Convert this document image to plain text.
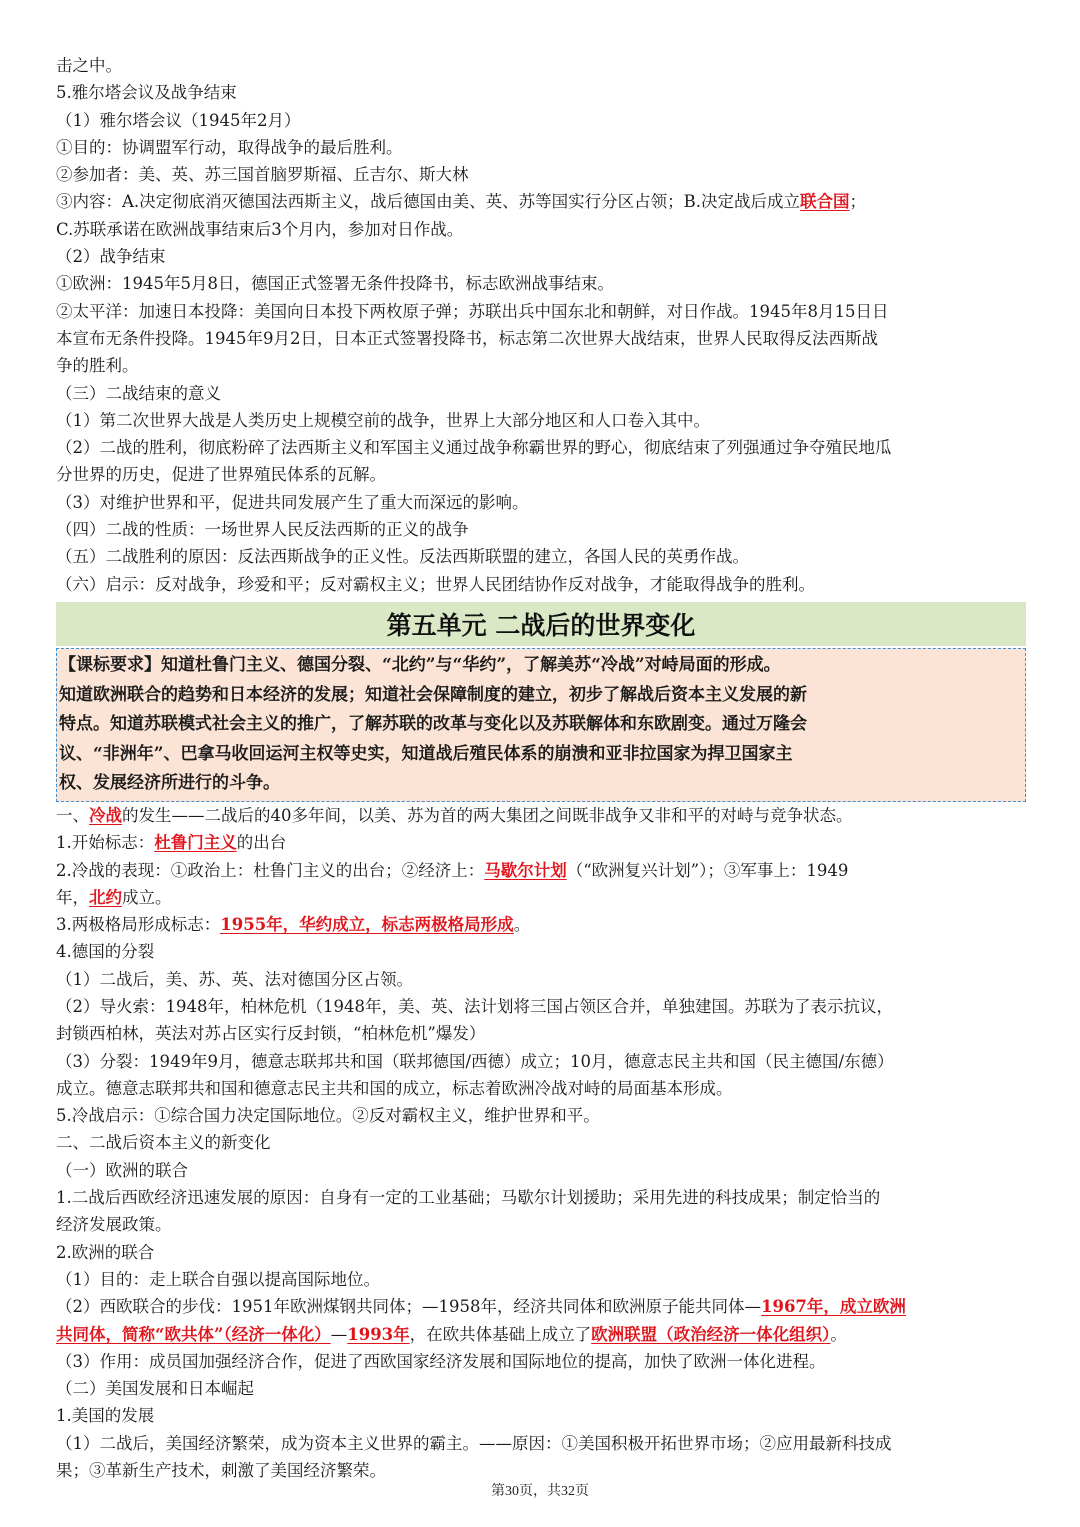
击之中。
5.雅尔塔会议及战争结束
（1）雅尔塔会议（1945年2月）
①目的：协调盟军行动，取得战争的最后胜利。
②参加者：美、英、苏三国首脑罗斯福、丘吉尔、斯大林
③内容：A.决定彻底消灭德国法西斯主义，战后德国由美、英、苏等国实行分区占领；B.决定战后成立联合国；
C.苏联承诺在欧洲战事结束后3个月内，参加对日作战。
（2）战争结束
①欧洲：1945年5月8日，德国正式签署无条件投降书，标志欧洲战事结束。
②太平洋：加速日本投降：美国向日本投下两枚原子弹；苏联出兵中国东北和朝鲜，对日作战。1945年8月15日日
本宣布无条件投降。1945年9月2日，日本正式签署投降书，标志第二次世界大战结束，世界人民取得反法西斯战
争的胜利。
（三）二战结束的意义
（1）第二次世界大战是人类历史上规模空前的战争，世界上大部分地区和人口卷入其中。
（2）二战的胜利，彻底粉碎了法西斯主义和军国主义通过战争称霸世界的野心，彻底结束了列强通过争夺殖民地瓜
分世界的历史，促进了世界殖民体系的瓦解。
（3）对维护世界和平，促进共同发展产生了重大而深远的影响。
（四）二战的性质：一场世界人民反法西斯的正义的战争
（五）二战胜利的原因：反法西斯战争的正义性。反法西斯联盟的建立，各国人民的英勇作战。
（六）启示：反对战争，珍爱和平；反对霸权主义；世界人民团结协作反对战争，才能取得战争的胜利。
第五单元 二战后的世界变化
【课标要求】知道杜鲁门主义、德国分裂、“北约”与“华约”，了解美苏“冷战”对峙局面的形成。
知道欧洲联合的趋势和日本经济的发展；知道社会保障制度的建立，初步了解战后资本主义发展的新
特点。知道苏联模式社会主义的推广，了解苏联的改革与变化以及苏联解体和东欧剧变。通过万隆会
议、“非洲年”、巴拿马收回运河主权等史实，知道战后殖民体系的崩溃和亚非拉国家为捍卫国家主
权、发展经济所进行的斗争。
一、冷战的发生——二战后的40多年间，以美、苏为首的两大集团之间既非战争又非和平的对峙与竞争状态。
1.开始标志：杜鲁门主义的出台
2.冷战的表现：①政治上：杜鲁门主义的出台；②经济上：马歇尔计划（“欧洲复兴计划”）；③军事上：1949
年，北约成立。
3.两极格局形成标志：1955年，华约成立，标志两极格局形成。
4.德国的分裂
（1）二战后，美、苏、英、法对德国分区占领。
（2）导火索：1948年，柏林危机（1948年，美、英、法计划将三国占领区合并，单独建国。苏联为了表示抗议，
封锁西柏林，英法对苏占区实行反封锁，“柏林危机”爆发）
（3）分裂：1949年9月，德意志联邦共和国（联邦德国/西德）成立；10月，德意志民主共和国（民主德国/东德）
成立。德意志联邦共和国和德意志民主共和国的成立，标志着欧洲冷战对峙的局面基本形成。
5.冷战启示：①综合国力决定国际地位。②反对霸权主义，维护世界和平。
二、二战后资本主义的新变化
（一）欧洲的联合
1.二战后西欧经济迅速发展的原因：自身有一定的工业基础；马歇尔计划援助；采用先进的科技成果；制定恰当的
经济发展政策。
2.欧洲的联合
（1）目的：走上联合自强以提高国际地位。
（2）西欧联合的步伐：1951年欧洲煤钢共同体；—1958年，经济共同体和欧洲原子能共同体—1967年，成立欧洲
共同体，简称“欧共体”（经济一体化）—1993年，在欧共体基础上成立了欧洲联盟（政治经济一体化组织）。
（3）作用：成员国加强经济合作，促进了西欧国家经济发展和国际地位的提高，加快了欧洲一体化进程。
（二）美国发展和日本崛起
1.美国的发展
（1）二战后，美国经济繁荣，成为资本主义世界的霸主。——原因：①美国积极开拓世界市场；②应用最新科技成
果；③革新生产技术，刺激了美国经济繁荣。
第30页，共32页
